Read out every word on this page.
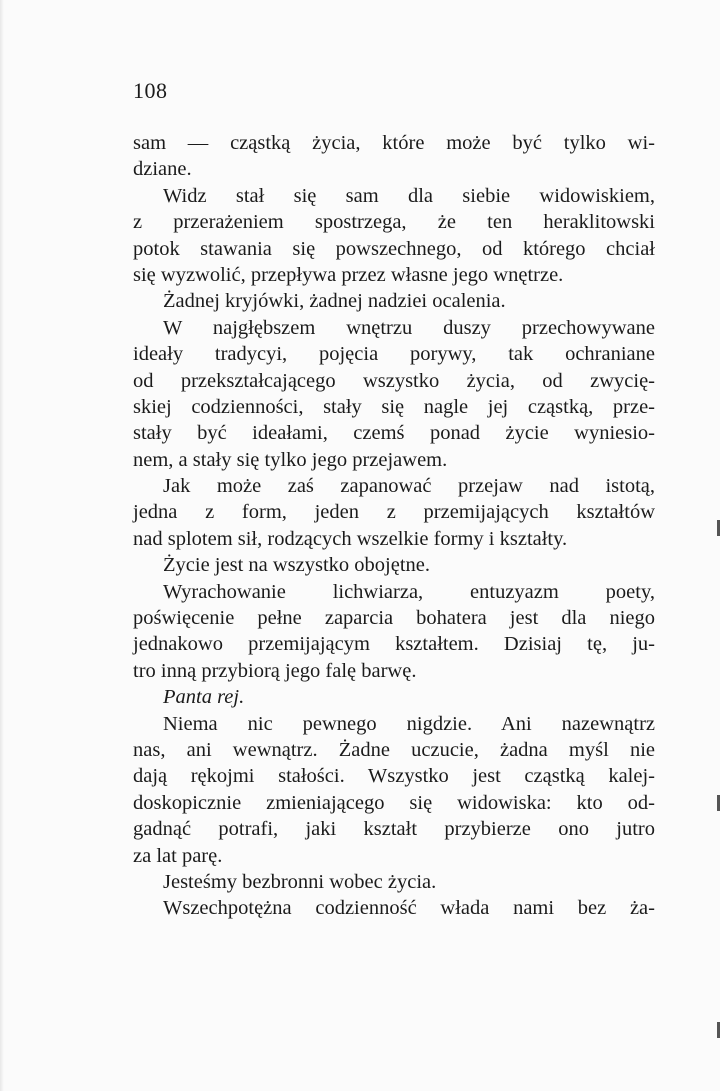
108
sam — cząstką życia, które może być tylko wi-
dziane.
Widz stał się sam dla siebie widowiskiem,
z przerażeniem spostrzega, że ten heraklitowski
potok stawania się powszechnego, od którego chciał
się wyzwolić, przepływa przez własne jego wnętrze.
Żadnej kryjówki, żadnej nadziei ocalenia.
W najgłębszem wnętrzu duszy przechowywane
ideały tradycyi, pojęcia porywy, tak ochraniane
od przekształcającego wszystko życia, od zwycię-
skiej codzienności, stały się nagle jej cząstką, prze-
stały być ideałami, czemś ponad życie wyniesio-
nem, a stały się tylko jego przejawem.
Jak może zaś zapanować przejaw nad istotą,
jedna z form, jeden z przemijających kształtów
nad splotem sił, rodzących wszelkie formy i kształty.
Życie jest na wszystko obojętne.
Wyrachowanie lichwiarza, entuzyazm poety,
poświęcenie pełne zaparcia bohatera jest dla niego
jednakowo przemijającym kształtem. Dzisiaj tę, ju-
tro inną przybiorą jego falę barwę.
Panta rej.
Niema nic pewnego nigdzie. Ani nazewnątrz
nas, ani wewnątrz. Żadne uczucie, żadna myśl nie
dają rękojmi stałości. Wszystko jest cząstką kalej-
doskopicznie zmieniającego się widowiska: kto od-
gadnąć potrafi, jaki kształt przybierze ono jutro
za lat parę.
Jesteśmy bezbronni wobec życia.
Wszechpotężna codzienność włada nami bez ża-
